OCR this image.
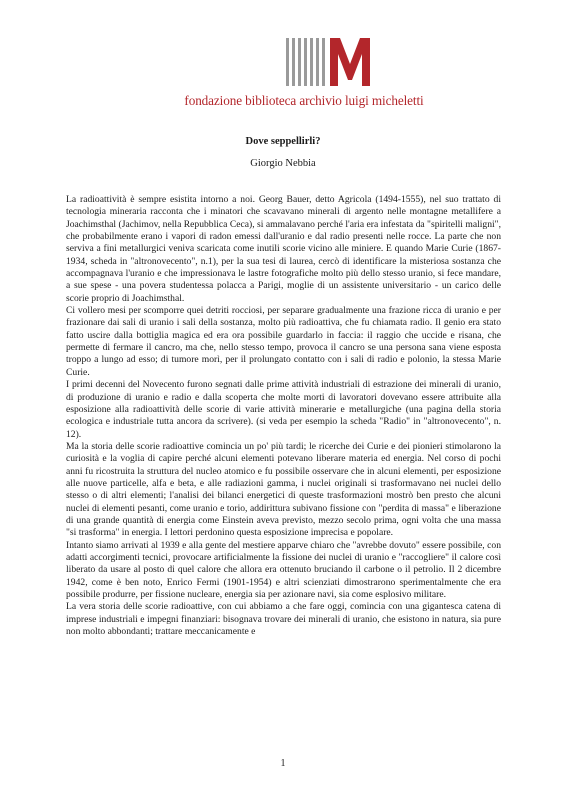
fondazione biblioteca archivio luigi micheletti
Dove seppellirli?
Giorgio Nebbia

La radioattività è sempre esistita intorno a noi. Georg Bauer, detto Agricola (1494-1555), nel suo trattato di tecnologia mineraria racconta che i minatori che scavavano minerali di argento nelle montagne metallifere a Joachimsthal (Jachimov, nella Repubblica Ceca), si ammalavano perché l'aria era infestata da "spiritelli maligni", che probabilmente erano i vapori di radon emessi dall'uranio e dal radio presenti nelle rocce. La parte che non serviva a fini metallurgici veniva scaricata come inutili scorie vicino alle miniere. E quando Marie Curie (1867-1934, scheda in "altronovecento", n.1), per la sua tesi di laurea, cercò di identificare la misteriosa sostanza che accompagnava l'uranio e che impressionava le lastre fotografiche molto più dello stesso uranio, si fece mandare, a sue spese - una povera studentessa polacca a Parigi, moglie di un assistente universitario - un carico delle scorie proprio di Joachimsthal.

Ci vollero mesi per scomporre quei detriti rocciosi, per separare gradualmente una frazione ricca di uranio e per frazionare dai sali di uranio i sali della sostanza, molto più radioattiva, che fu chiamata radio. Il genio era stato fatto uscire dalla bottiglia magica ed era ora possibile guardarlo in faccia: il raggio che uccide e risana, che permette di fermare il cancro, ma che, nello stesso tempo, provoca il cancro se una persona sana viene esposta troppo a lungo ad esso; di tumore morì, per il prolungato contatto con i sali di radio e polonio, la stessa Marie Curie.

I primi decenni del Novecento furono segnati dalle prime attività industriali di estrazione dei minerali di uranio, di produzione di uranio e radio e dalla scoperta che molte morti di lavoratori dovevano essere attribuite alla esposizione alla radioattività delle scorie di varie attività minerarie e metallurgiche (una pagina della storia ecologica e industriale tutta ancora da scrivere). (si veda per esempio la scheda "Radio" in "altronovecento", n. 12).

Ma la storia delle scorie radioattive comincia un po' più tardi; le ricerche dei Curie e dei pionieri stimolarono la curiosità e la voglia di capire perché alcuni elementi potevano liberare materia ed energia. Nel corso di pochi anni fu ricostruita la struttura del nucleo atomico e fu possibile osservare che in alcuni elementi, per esposizione alle nuove particelle, alfa e beta, e alle radiazioni gamma, i nuclei originali si trasformavano nei nuclei dello stesso o di altri elementi; l'analisi dei bilanci energetici di queste trasformazioni mostrò ben presto che alcuni nuclei di elementi pesanti, come uranio e torio, addirittura subivano fissione con "perdita di massa" e liberazione di una grande quantità di energia come Einstein aveva previsto, mezzo secolo prima, ogni volta che una massa "si trasforma" in energia. I lettori perdonino questa esposizione imprecisa e popolare.

Intanto siamo arrivati al 1939 e alla gente del mestiere apparve chiaro che "avrebbe dovuto" essere possibile, con adatti accorgimenti tecnici, provocare artificialmente la fissione dei nuclei di uranio e "raccogliere" il calore così liberato da usare al posto di quel calore che allora era ottenuto bruciando il carbone o il petrolio. Il 2 dicembre 1942, come è ben noto, Enrico Fermi (1901-1954) e altri scienziati dimostrarono sperimentalmente che era possibile produrre, per fissione nucleare, energia sia per azionare navi, sia come esplosivo militare.

La vera storia delle scorie radioattive, con cui abbiamo a che fare oggi, comincia con una gigantesca catena di imprese industriali e impegni finanziari: bisognava trovare dei minerali di uranio, che esistono in natura, sia pure non molto abbondanti; trattare meccanicamente e

1
